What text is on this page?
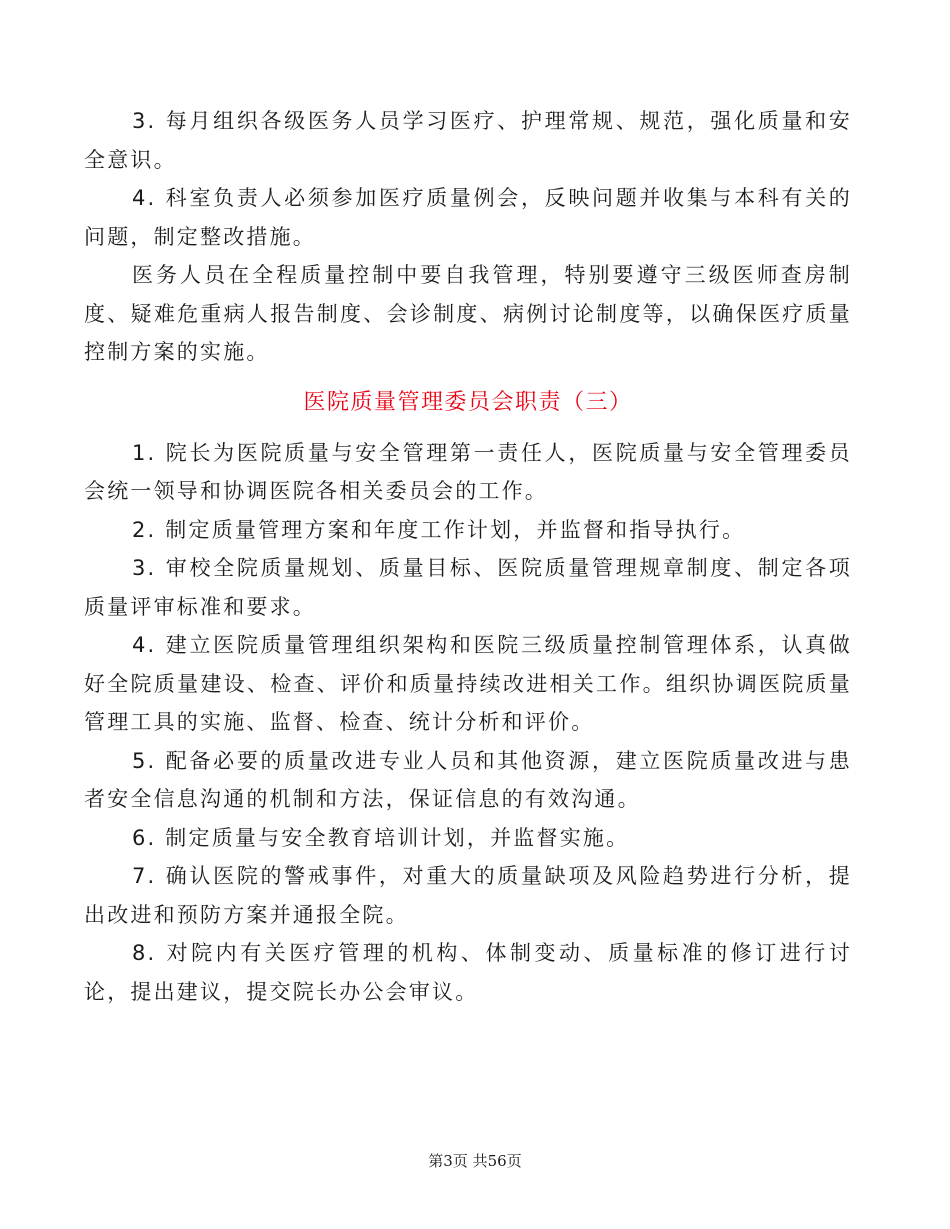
3. 每月组织各级医务人员学习医疗、护理常规、规范，强化质量和安全意识。

4. 科室负责人必须参加医疗质量例会，反映问题并收集与本科有关的问题，制定整改措施。

医务人员在全程质量控制中要自我管理，特别要遵守三级医师查房制度、疑难危重病人报告制度、会诊制度、病例讨论制度等，以确保医疗质量控制方案的实施。

医院质量管理委员会职责（三）

1. 院长为医院质量与安全管理第一责任人，医院质量与安全管理委员会统一领导和协调医院各相关委员会的工作。

2. 制定质量管理方案和年度工作计划，并监督和指导执行。

3. 审校全院质量规划、质量目标、医院质量管理规章制度、制定各项质量评审标准和要求。

4. 建立医院质量管理组织架构和医院三级质量控制管理体系，认真做好全院质量建设、检查、评价和质量持续改进相关工作。组织协调医院质量管理工具的实施、监督、检查、统计分析和评价。

5. 配备必要的质量改进专业人员和其他资源，建立医院质量改进与患者安全信息沟通的机制和方法，保证信息的有效沟通。

6. 制定质量与安全教育培训计划，并监督实施。

7. 确认医院的警戒事件，对重大的质量缺项及风险趋势进行分析，提出改进和预防方案并通报全院。

8. 对院内有关医疗管理的机构、体制变动、质量标准的修订进行讨论，提出建议，提交院长办公会审议。

第3页 共56页
